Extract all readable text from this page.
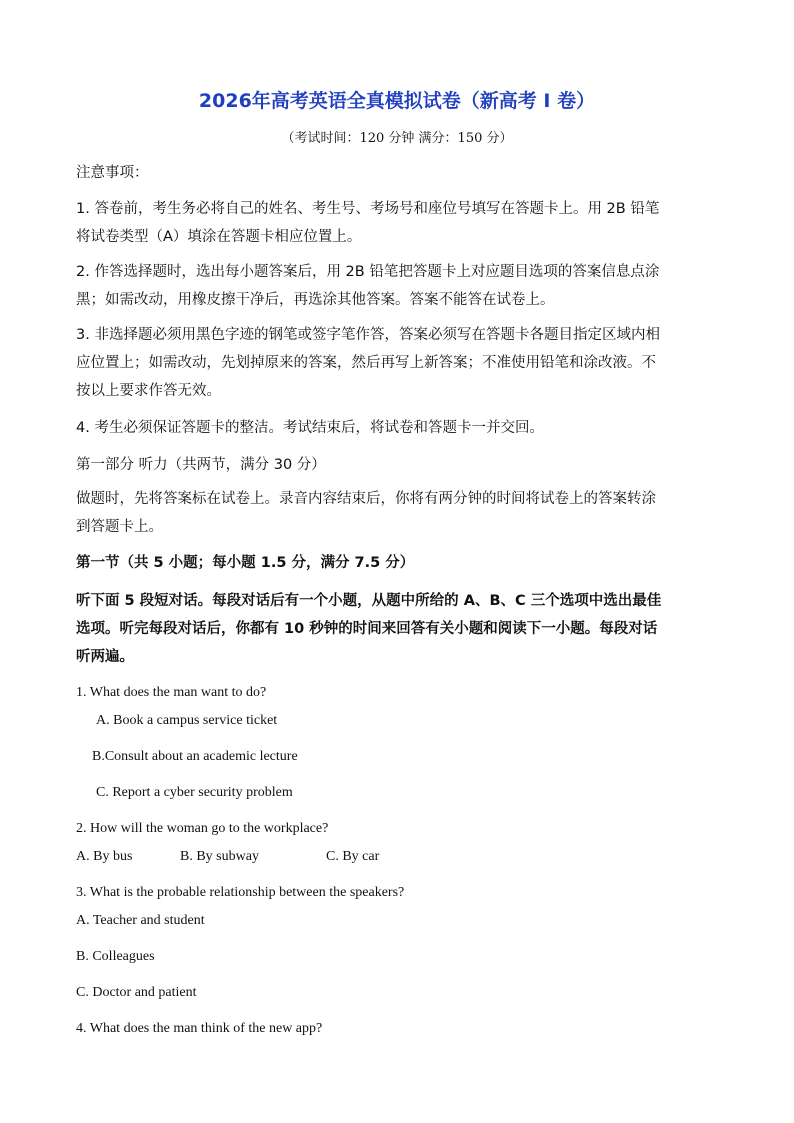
2026年高考英语全真模拟试卷（新高考 I 卷）
（考试时间：120 分钟 满分：150 分）
注意事项：
1. 答卷前，考生务必将自己的姓名、考生号、考场号和座位号填写在答题卡上。用 2B 铅笔
将试卷类型（A）填涂在答题卡相应位置上。
2. 作答选择题时，选出每小题答案后，用 2B 铅笔把答题卡上对应题目选项的答案信息点涂
黑；如需改动，用橡皮擦干净后，再选涂其他答案。答案不能答在试卷上。
3. 非选择题必须用黑色字迹的钢笔或签字笔作答，答案必须写在答题卡各题目指定区域内相
应位置上；如需改动，先划掉原来的答案，然后再写上新答案；不准使用铅笔和涂改液。不
按以上要求作答无效。
4. 考生必须保证答题卡的整洁。考试结束后，将试卷和答题卡一并交回。
第一部分 听力（共两节，满分 30 分）
做题时，先将答案标在试卷上。录音内容结束后，你将有两分钟的时间将试卷上的答案转涂
到答题卡上。
第一节（共 5 小题；每小题 1.5 分，满分 7.5 分）
听下面 5 段短对话。每段对话后有一个小题，从题中所给的 A、B、C 三个选项中选出最佳
选项。听完每段对话后，你都有 10 秒钟的时间来回答有关小题和阅读下一小题。每段对话
听两遍。
1. What does the man want to do?
A. Book a campus service ticket
B.Consult about an academic lecture
C. Report a cyber security problem
2. How will the woman go to the workplace?
A. By bus	B. By subway	C. By car
3. What is the probable relationship between the speakers?
A. Teacher and student
B. Colleagues
C. Doctor and patient
4. What does the man think of the new app?
